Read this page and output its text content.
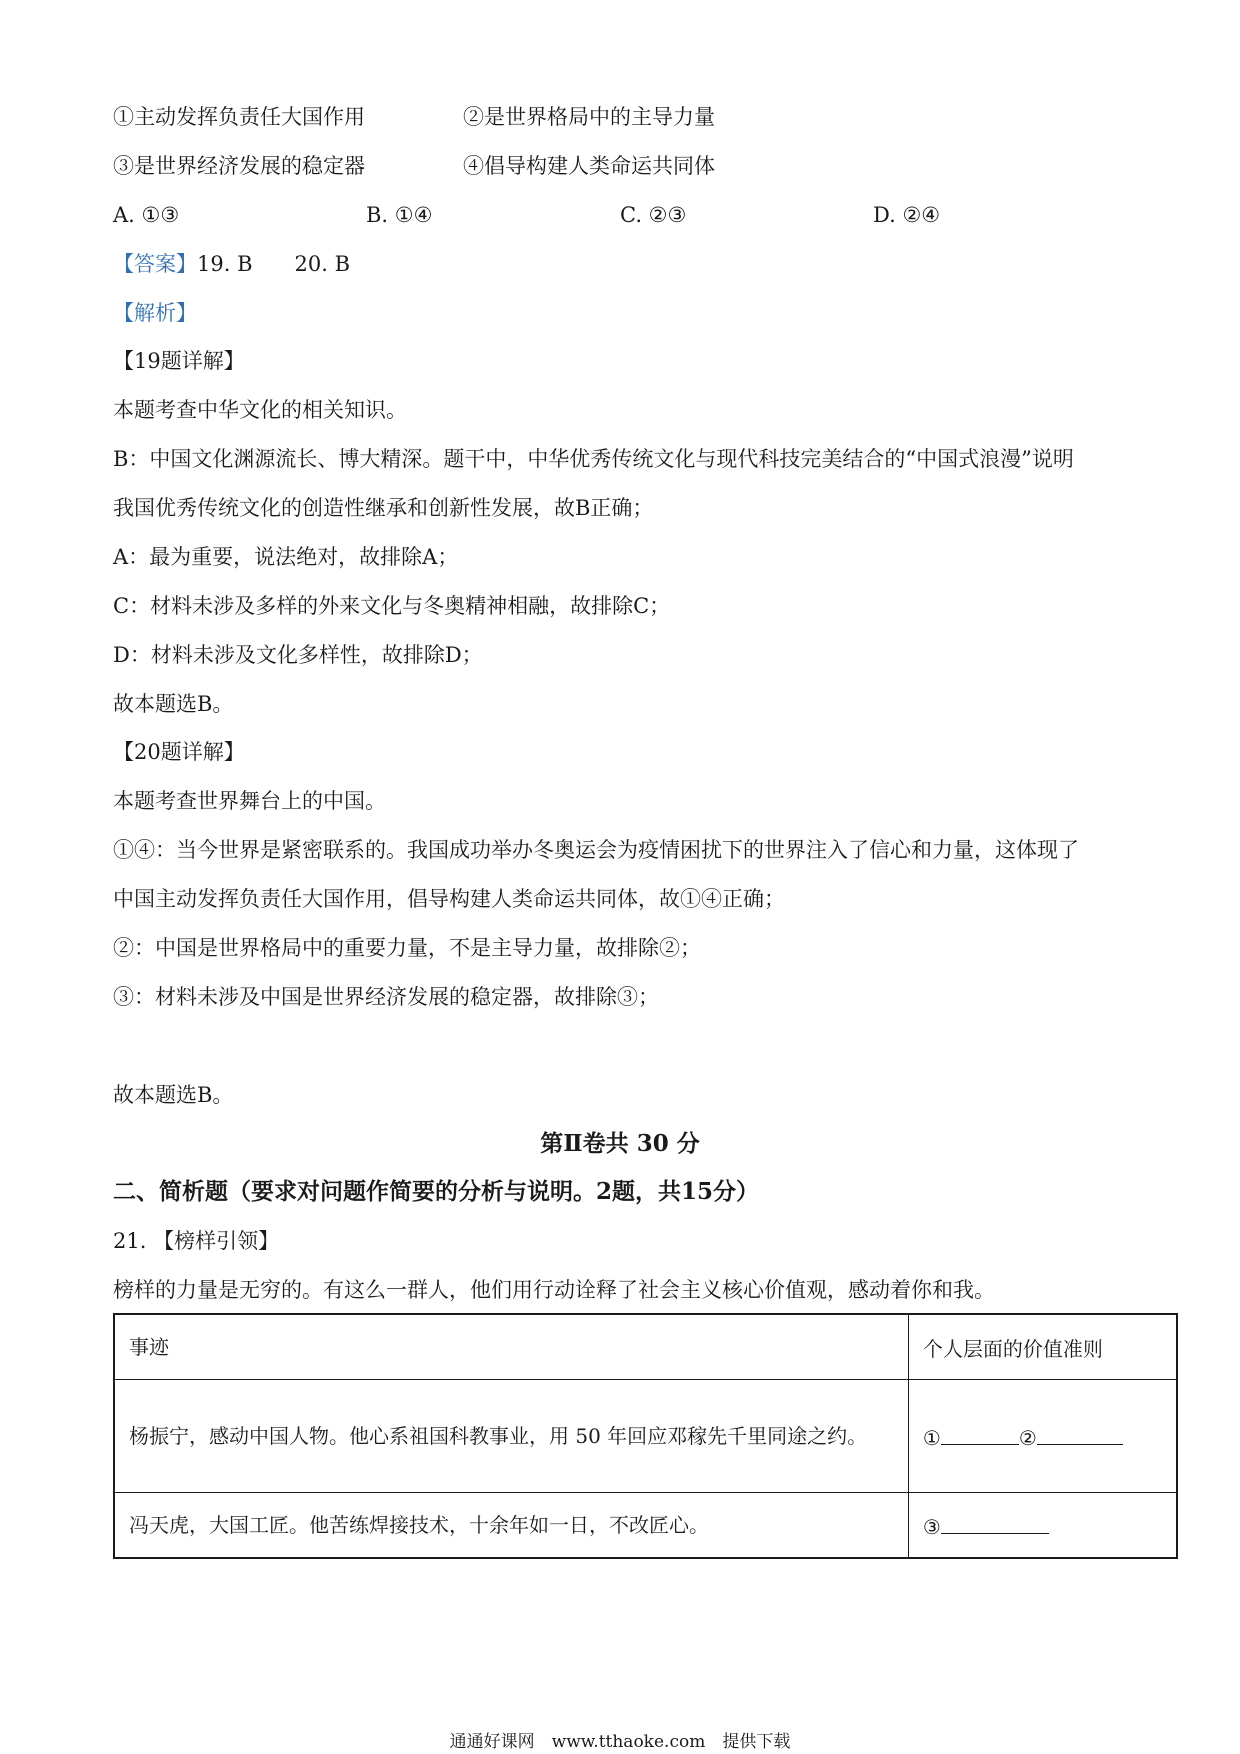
①主动发挥负责任大国作用	②是世界格局中的主导力量
③是世界经济发展的稳定器	④倡导构建人类命运共同体
A. ①③	B. ①④	C. ②③	D. ②④
【答案】19. B　　20. B
【解析】
【19题详解】
本题考查中华文化的相关知识。
B：中国文化渊源流长、博大精深。题干中，中华优秀传统文化与现代科技完美结合的“中国式浪漫”说明
我国优秀传统文化的创造性继承和创新性发展，故B正确；
A：最为重要，说法绝对，故排除A；
C：材料未涉及多样的外来文化与冬奥精神相融，故排除C；
D：材料未涉及文化多样性，故排除D；
故本题选B。
【20题详解】
本题考查世界舞台上的中国。
①④：当今世界是紧密联系的。我国成功举办冬奥运会为疫情困扰下的世界注入了信心和力量，这体现了
中国主动发挥负责任大国作用，倡导构建人类命运共同体，故①④正确；
②：中国是世界格局中的重要力量，不是主导力量，故排除②；
③：材料未涉及中国是世界经济发展的稳定器，故排除③；
故本题选B。
第Ⅱ卷共 30 分
二、简析题（要求对问题作简要的分析与说明。2题，共15分）
21. 【榜样引领】
榜样的力量是无穷的。有这么一群人，他们用行动诠释了社会主义核心价值观，感动着你和我。
事迹	个人层面的价值准则
杨振宁，感动中国人物。他心系祖国科教事业，用 50 年回应邓稼先千里同途之约。	① ②
冯天虎，大国工匠。他苦练焊接技术，十余年如一日，不改匠心。	③
通通好课网　www.tthaoke.com　提供下载
